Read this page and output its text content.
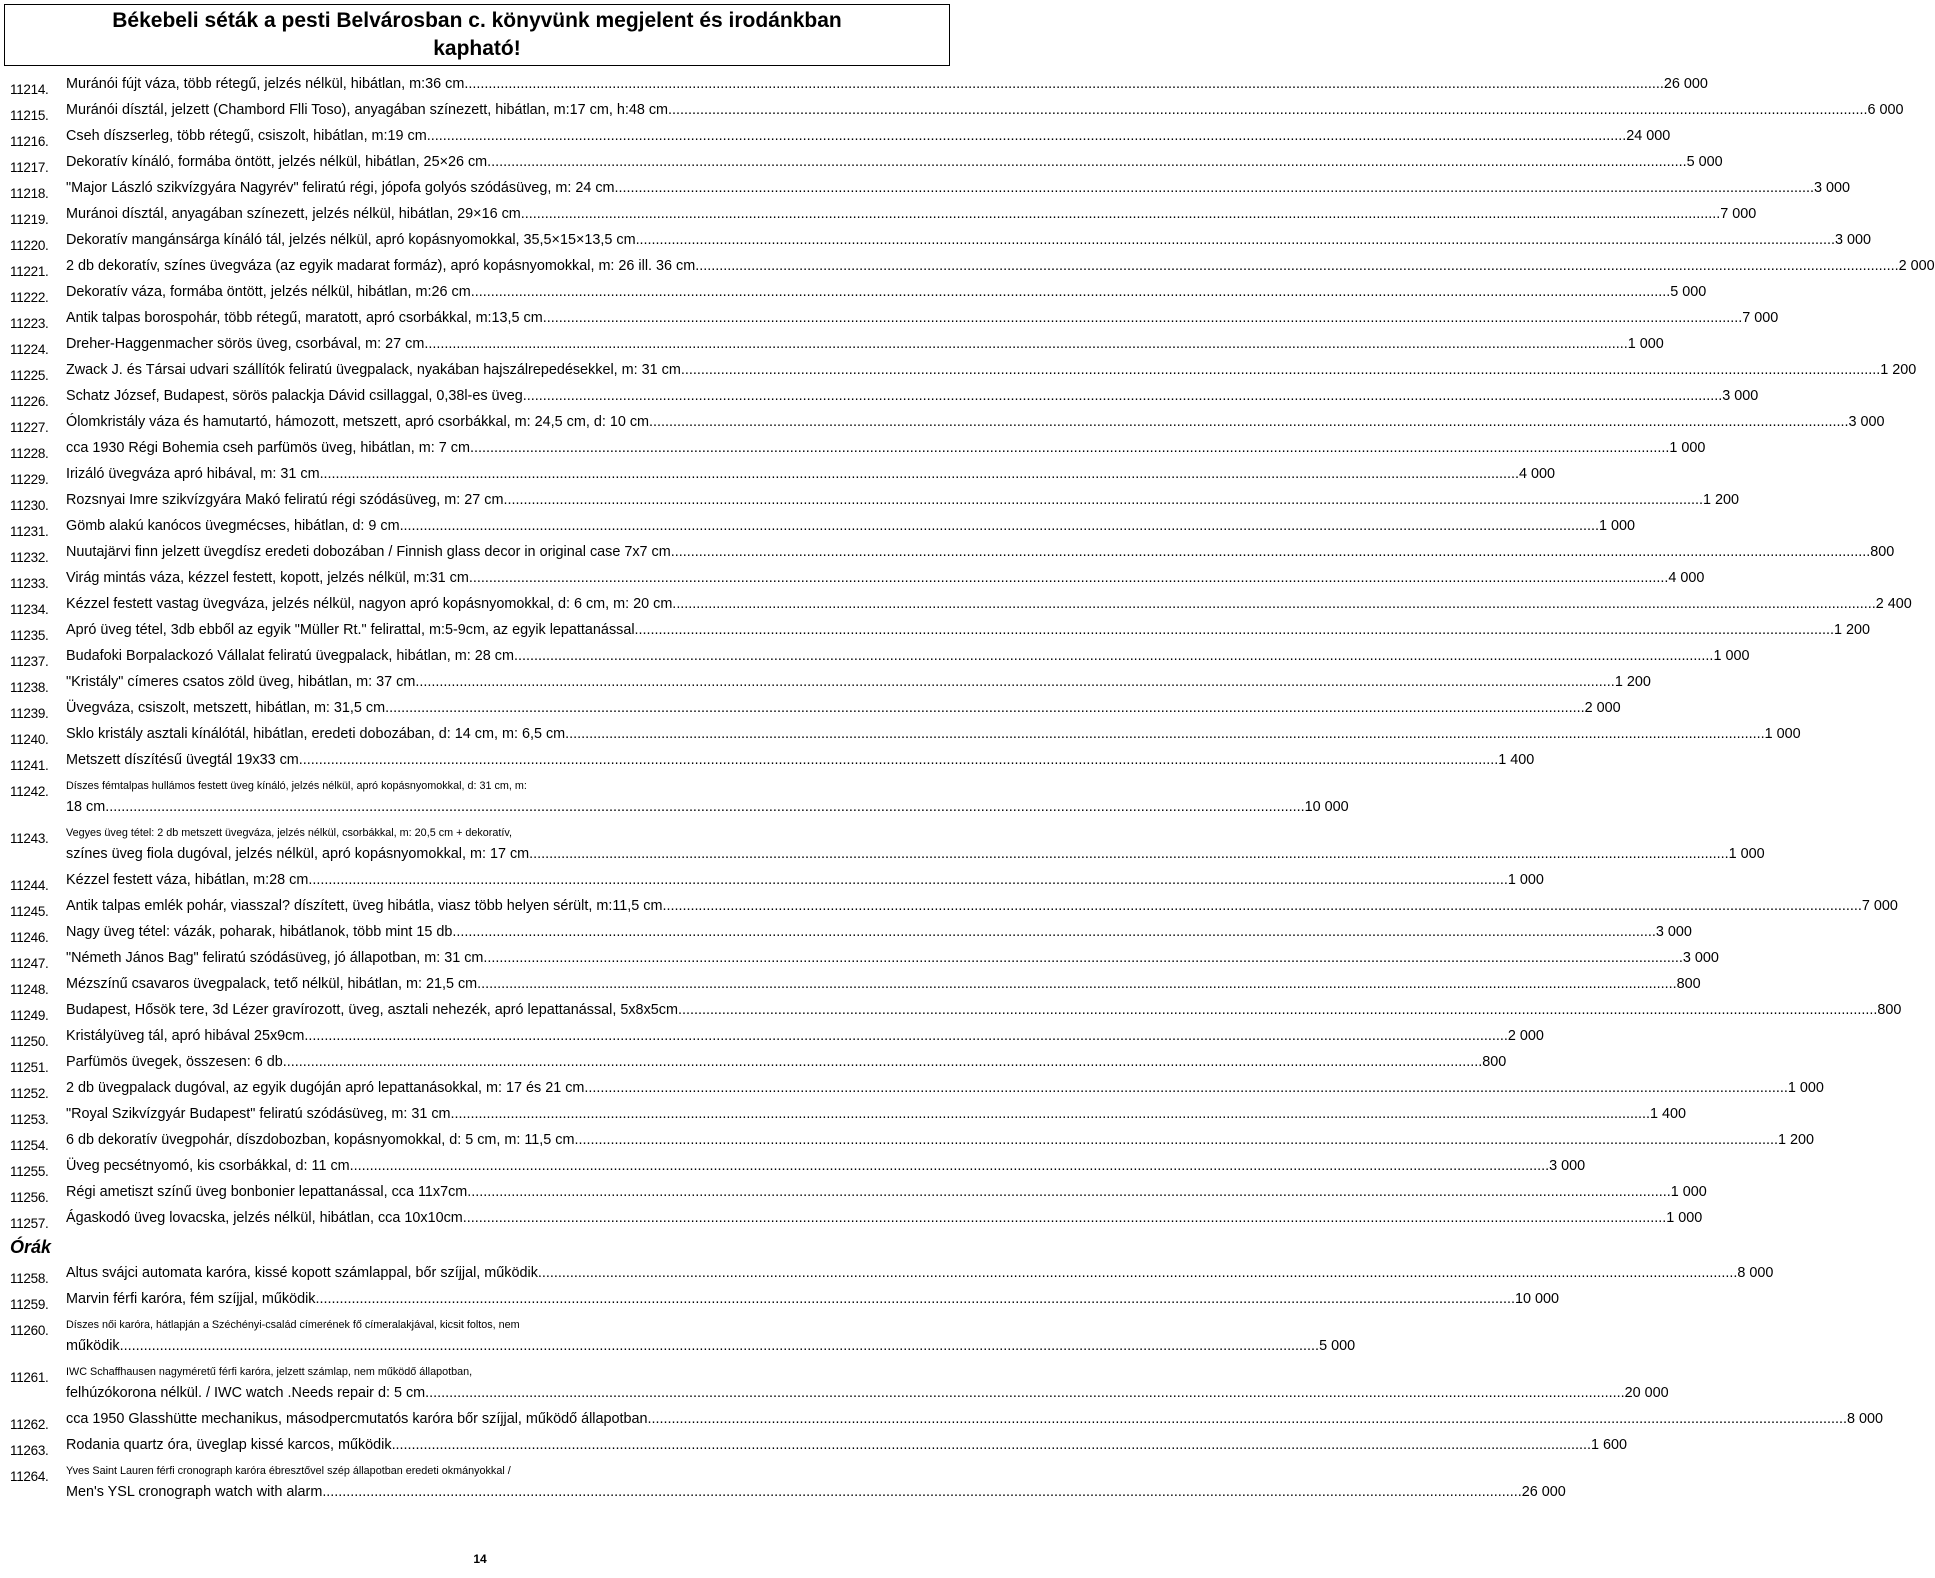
Békebeli séták a pesti Belvárosban c. könyvünk megjelent és irodánkban
kapható!
11214. Muránói fújt váza, több rétegű, jelzés nélkül, hibátlan, m:36 cm ............................................................................................................................................................................................................................................................................................................ 26 000
11215. Muránói dísztál, jelzett (Chambord Flli Toso), anyagában színezett, hibátlan, m:17 cm, h:48 cm ............................................................................................................................................................................................................................................................................................................ 6 000
11216. Cseh díszserleg, több rétegű, csiszolt, hibátlan, m:19 cm ............................................................................................................................................................................................................................................................................................................ 24 000
11217. Dekoratív kínáló, formába öntött, jelzés nélkül, hibátlan, 25×26 cm ............................................................................................................................................................................................................................................................................................................ 5 000
11218. "Major László szikvízgyára Nagyrév" feliratú régi, jópofa golyós szódásüveg, m: 24 cm ............................................................................................................................................................................................................................................................................................................ 3 000
11219. Muránoi dísztál, anyagában színezett, jelzés nélkül, hibátlan, 29×16 cm ............................................................................................................................................................................................................................................................................................................ 7 000
11220. Dekoratív mangánsárga kínáló tál, jelzés nélkül, apró kopásnyomokkal, 35,5×15×13,5 cm ............................................................................................................................................................................................................................................................................................................ 3 000
11221. 2 db dekoratív, színes üvegváza (az egyik madarat formáz), apró kopásnyomokkal, m: 26 ill. 36 cm. ............................................................................................................................................................................................................................................................................................................ 2 000
11222. Dekoratív váza, formába öntött, jelzés nélkül, hibátlan, m:26 cm ............................................................................................................................................................................................................................................................................................................ 5 000
11223. Antik talpas borospohár, több rétegű, maratott, apró csorbákkal, m:13,5 cm ............................................................................................................................................................................................................................................................................................................ 7 000
11224. Dreher-Haggenmacher sörös üveg, csorbával, m: 27 cm. ............................................................................................................................................................................................................................................................................................................ 1 000
11225. Zwack J. és Társai udvari szállítók feliratú üvegpalack, nyakában hajszálrepedésekkel, m: 31 cm ............................................................................................................................................................................................................................................................................................................ 1 200
11226. Schatz József, Budapest, sörös palackja Dávid csillaggal, 0,38l-es üveg ............................................................................................................................................................................................................................................................................................................ 3 000
11227. Ólomkristály váza és hamutartó, hámozott, metszett, apró csorbákkal, m: 24,5 cm, d: 10 cm ............................................................................................................................................................................................................................................................................................................ 3 000
11228. cca 1930 Régi Bohemia cseh parfümös üveg, hibátlan, m: 7 cm ............................................................................................................................................................................................................................................................................................................ 1 000
11229. Irizáló üvegváza apró hibával, m: 31 cm ............................................................................................................................................................................................................................................................................................................ 4 000
11230. Rozsnyai Imre szikvízgyára Makó feliratú régi szódásüveg, m: 27 cm ............................................................................................................................................................................................................................................................................................................ 1 200
11231. Gömb alakú kanócos üvegmécses, hibátlan, d: 9 cm ............................................................................................................................................................................................................................................................................................................ 1 000
11232. Nuutajärvi finn jelzett üvegdísz eredeti dobozában / Finnish glass decor in original case 7x7 cm ............................................................................................................................................................................................................................................................................................................ 800
11233. Virág mintás váza, kézzel festett, kopott, jelzés nélkül, m:31 cm ............................................................................................................................................................................................................................................................................................................ 4 000
11234. Kézzel festett vastag üvegváza, jelzés nélkül, nagyon apró kopásnyomokkal, d: 6 cm, m: 20 cm. ............................................................................................................................................................................................................................................................................................................ 2 400
11235. Apró üveg tétel, 3db ebből az egyik "Müller Rt." felirattal, m:5-9cm, az egyik lepattanással ............................................................................................................................................................................................................................................................................................................ 1 200
11237. Budafoki Borpalackozó Vállalat feliratú üvegpalack, hibátlan, m: 28 cm ............................................................................................................................................................................................................................................................................................................ 1 000
11238. "Kristály" címeres csatos zöld üveg, hibátlan, m: 37 cm ............................................................................................................................................................................................................................................................................................................ 1 200
11239. Üvegváza, csiszolt, metszett, hibátlan, m: 31,5 cm ............................................................................................................................................................................................................................................................................................................ 2 000
11240. Sklo kristály asztali kínálótál, hibátlan, eredeti dobozában, d: 14 cm, m: 6,5 cm ............................................................................................................................................................................................................................................................................................................ 1 000
11241. Metszett díszítésű üvegtál 19x33 cm ............................................................................................................................................................................................................................................................................................................ 1 400
11242. Díszes fémtalpas hullámos festett üveg kínáló, jelzés nélkül, apró kopásnyomokkal, d: 31 cm, m:
18 cm ............................................................................................................................................................................................................................................................................................................ 10 000
11243. Vegyes üveg tétel: 2 db metszett üvegváza, jelzés nélkül, csorbákkal, m: 20,5 cm + dekoratív,
színes üveg fiola dugóval, jelzés nélkül, apró kopásnyomokkal, m: 17 cm ............................................................................................................................................................................................................................................................................................................ 1 000
11244. Kézzel festett váza, hibátlan, m:28 cm ............................................................................................................................................................................................................................................................................................................ 1 000
11245. Antik talpas emlék pohár, viasszal? díszített, üveg hibátla, viasz több helyen sérült, m:11,5 cm ............................................................................................................................................................................................................................................................................................................ 7 000
11246. Nagy üveg tétel: vázák, poharak, hibátlanok, több mint 15 db. ............................................................................................................................................................................................................................................................................................................ 3 000
11247. "Németh János Bag" feliratú szódásüveg, jó állapotban, m: 31 cm ............................................................................................................................................................................................................................................................................................................ 3 000
11248. Mézszínű csavaros üvegpalack, tető nélkül, hibátlan, m: 21,5 cm ............................................................................................................................................................................................................................................................................................................ 800
11249. Budapest, Hősök tere, 3d Lézer gravírozott, üveg, asztali nehezék, apró lepattanással, 5x8x5cm ............................................................................................................................................................................................................................................................................................................ 800
11250. Kristályüveg tál, apró hibával 25x9cm. ............................................................................................................................................................................................................................................................................................................ 2 000
11251. Parfümös üvegek, összesen: 6 db ............................................................................................................................................................................................................................................................................................................ 800
11252. 2 db üvegpalack dugóval, az egyik dugóján apró lepattanásokkal, m: 17 és 21 cm. ............................................................................................................................................................................................................................................................................................................ 1 000
11253. "Royal Szikvízgyár Budapest" feliratú szódásüveg, m: 31 cm ............................................................................................................................................................................................................................................................................................................ 1 400
11254. 6 db dekoratív üvegpohár, díszdobozban, kopásnyomokkal, d: 5 cm, m: 11,5 cm. ............................................................................................................................................................................................................................................................................................................ 1 200
11255. Üveg pecsétnyomó, kis csorbákkal, d: 11 cm ............................................................................................................................................................................................................................................................................................................ 3 000
11256. Régi ametiszt színű üveg bonbonier lepattanással, cca 11x7cm. ............................................................................................................................................................................................................................................................................................................ 1 000
11257. Ágaskodó üveg lovacska, jelzés nélkül, hibátlan, cca 10x10cm. ............................................................................................................................................................................................................................................................................................................ 1 000
Órák
11258. Altus svájci automata karóra, kissé kopott számlappal, bőr szíjjal, működik ............................................................................................................................................................................................................................................................................................................ 8 000
11259. Marvin férfi karóra, fém szíjjal, működik ............................................................................................................................................................................................................................................................................................................ 10 000
11260. Díszes női karóra, hátlapján a Széchényi-család címerének fő címeralakjával, kicsit foltos, nem
működik ............................................................................................................................................................................................................................................................................................................ 5 000
11261. IWC Schaffhausen nagyméretű férfi karóra, jelzett számlap, nem működő állapotban,
felhúzókorona nélkül. / IWC watch .Needs repair d: 5 cm ............................................................................................................................................................................................................................................................................................................ 20 000
11262. cca 1950 Glasshütte mechanikus, másodpercmutatós karóra bőr szíjjal, működő állapotban ............................................................................................................................................................................................................................................................................................................ 8 000
11263. Rodania quartz óra, üveglap kissé karcos, működik ............................................................................................................................................................................................................................................................................................................ 1 600
11264. Yves Saint Lauren férfi cronograph karóra ébresztővel szép állapotban eredeti okmányokkal /
Men's YSL cronograph watch with alarm ............................................................................................................................................................................................................................................................................................................ 26 000
14
